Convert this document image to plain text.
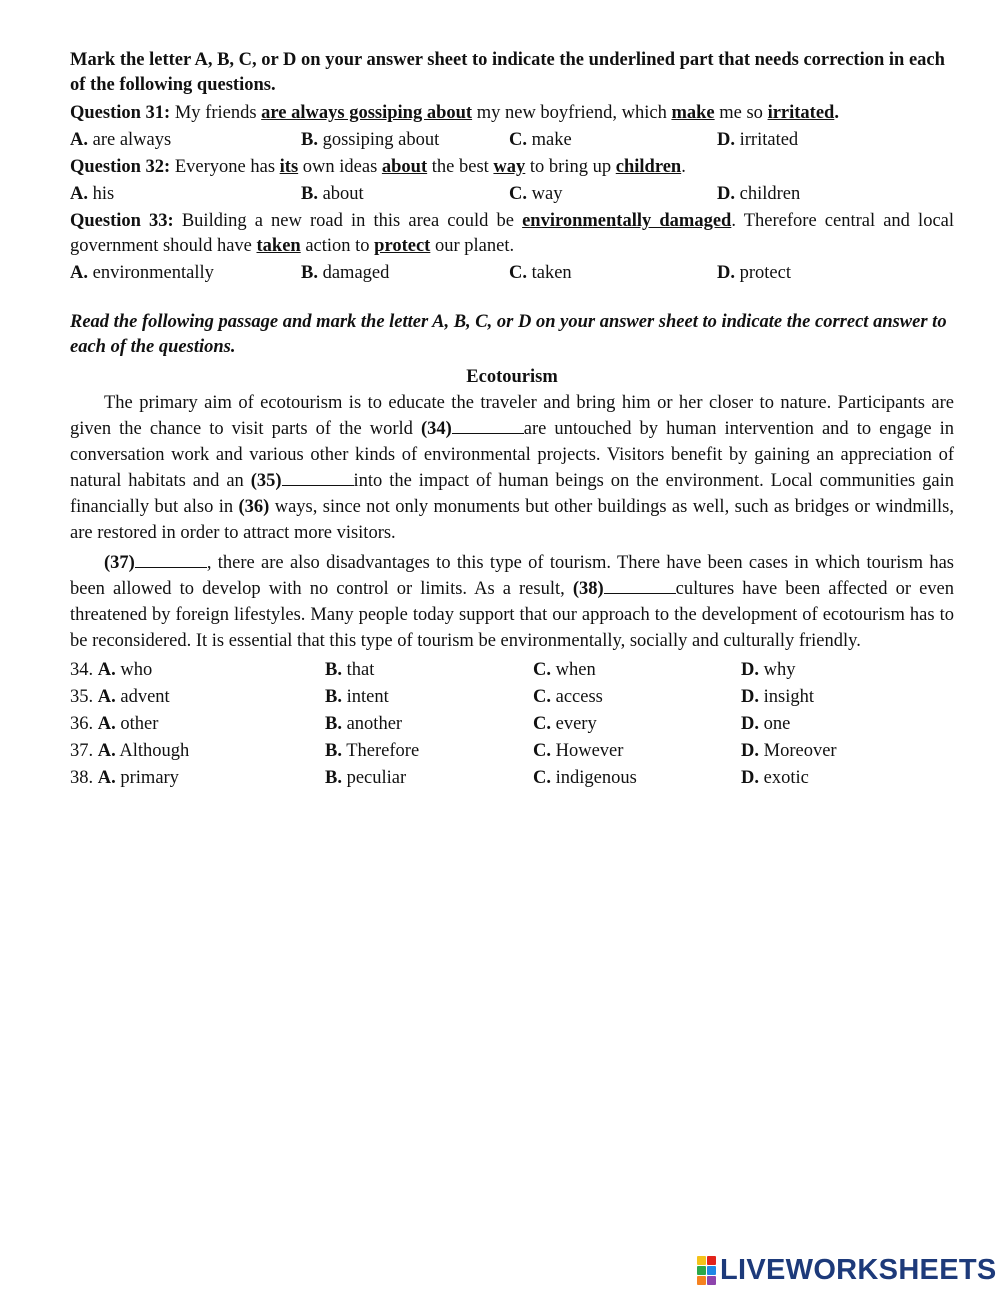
Mark the letter A, B, C, or D on your answer sheet to indicate the underlined part that needs correction in each of the following questions.
Question 31: My friends are always gossiping about my new boyfriend, which make me so irritated.
A. are always	B. gossiping about	C. make	D. irritated
Question 32: Everyone has its own ideas about the best way to bring up children.
A. his	B. about	C. way	D. children
Question 33: Building a new road in this area could be environmentally damaged. Therefore central and local government should have taken action to protect our planet.
A. environmentally	B. damaged	C. taken	D. protect
Read the following passage and mark the letter A, B, C, or D on your answer sheet to indicate the correct answer to each of the questions.
Ecotourism
The primary aim of ecotourism is to educate the traveler and bring him or her closer to nature. Participants are given the chance to visit parts of the world (34)	are untouched by human intervention and to engage in conversation work and various other kinds of environmental projects. Visitors benefit by gaining an appreciation of natural habitats and an (35)	into the impact of human beings on the environment. Local communities gain financially but also in (36) ways, since not only monuments but other buildings as well, such as bridges or windmills, are restored in order to attract more visitors.
(37)	, there are also disadvantages to this type of tourism. There have been cases in which tourism has been allowed to develop with no control or limits. As a result, (38)	cultures have been affected or even threatened by foreign lifestyles. Many people today support that our approach to the development of ecotourism has to be reconsidered. It is essential that this type of tourism be environmentally, socially and culturally friendly.
34. A. who	B. that	C. when	D. why
35. A. advent	B. intent	C. access	D. insight
36. A. other	B. another	C. every	D. one
37. A. Although	B. Therefore	C. However	D. Moreover
38. A. primary	B. peculiar	C. indigenous	D. exotic
LIVEWORKSHEETS
